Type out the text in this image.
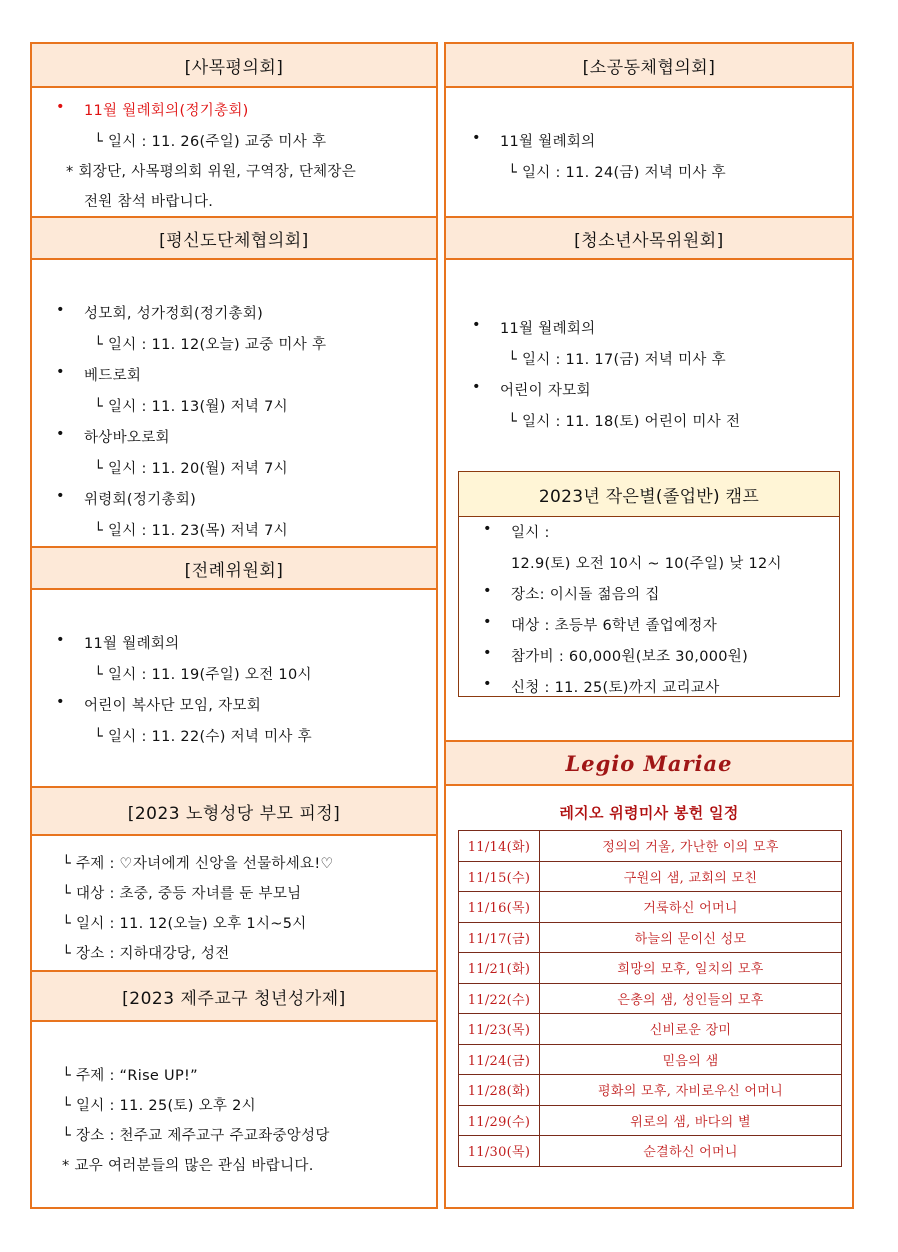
[사목평의회]
• 11월 월례회의(정기총회)
└ 일시 : 11. 26(주일) 교중 미사 후
* 회장단, 사목평의회 위원, 구역장, 단체장은
전원 참석 바랍니다.
[평신도단체협의회]
• 성모회, 성가정회(정기총회)
└ 일시 : 11. 12(오늘) 교중 미사 후
• 베드로회
└ 일시 : 11. 13(월) 저녁 7시
• 하상바오로회
└ 일시 : 11. 20(월) 저녁 7시
• 위령회(정기총회)
└ 일시 : 11. 23(목) 저녁 7시
[전례위원회]
• 11월 월례회의
└ 일시 : 11. 19(주일) 오전 10시
• 어린이 복사단 모임, 자모회
└ 일시 : 11. 22(수) 저녁 미사 후
[2023 노형성당 부모 피정]
└ 주제 : ♡자녀에게 신앙을 선물하세요!♡
└ 대상 : 초중, 중등 자녀를 둔 부모님
└ 일시 : 11. 12(오늘) 오후 1시~5시
└ 장소 : 지하대강당, 성전
[2023 제주교구 청년성가제]
└ 주제 : “Rise UP!”
└ 일시 : 11. 25(토) 오후 2시
└ 장소 : 천주교 제주교구 주교좌중앙성당
* 교우 여러분들의 많은 관심 바랍니다.
[소공동체협의회]
• 11월 월례회의
└ 일시 : 11. 24(금) 저녁 미사 후
[청소년사목위원회]
• 11월 월례회의
└ 일시 : 11. 17(금) 저녁 미사 후
• 어린이 자모회
└ 일시 : 11. 18(토) 어린이 미사 전
2023년 작은별(졸업반) 캠프
• 일시 :
12.9(토) 오전 10시 ~ 10(주일) 낮 12시
• 장소: 이시돌 젊음의 집
• 대상 : 초등부 6학년 졸업예정자
• 참가비 : 60,000원(보조 30,000원)
• 신청 : 11. 25(토)까지 교리교사
Legio Mariae
레지오 위령미사 봉헌 일정
11/14(화)	정의의 거울, 가난한 이의 모후
11/15(수)	구원의 샘, 교회의 모친
11/16(목)	거룩하신 어머니
11/17(금)	하늘의 문이신 성모
11/21(화)	희망의 모후, 일치의 모후
11/22(수)	은총의 샘, 성인들의 모후
11/23(목)	신비로운 장미
11/24(금)	믿음의 샘
11/28(화)	평화의 모후, 자비로우신 어머니
11/29(수)	위로의 샘, 바다의 별
11/30(목)	순결하신 어머니
